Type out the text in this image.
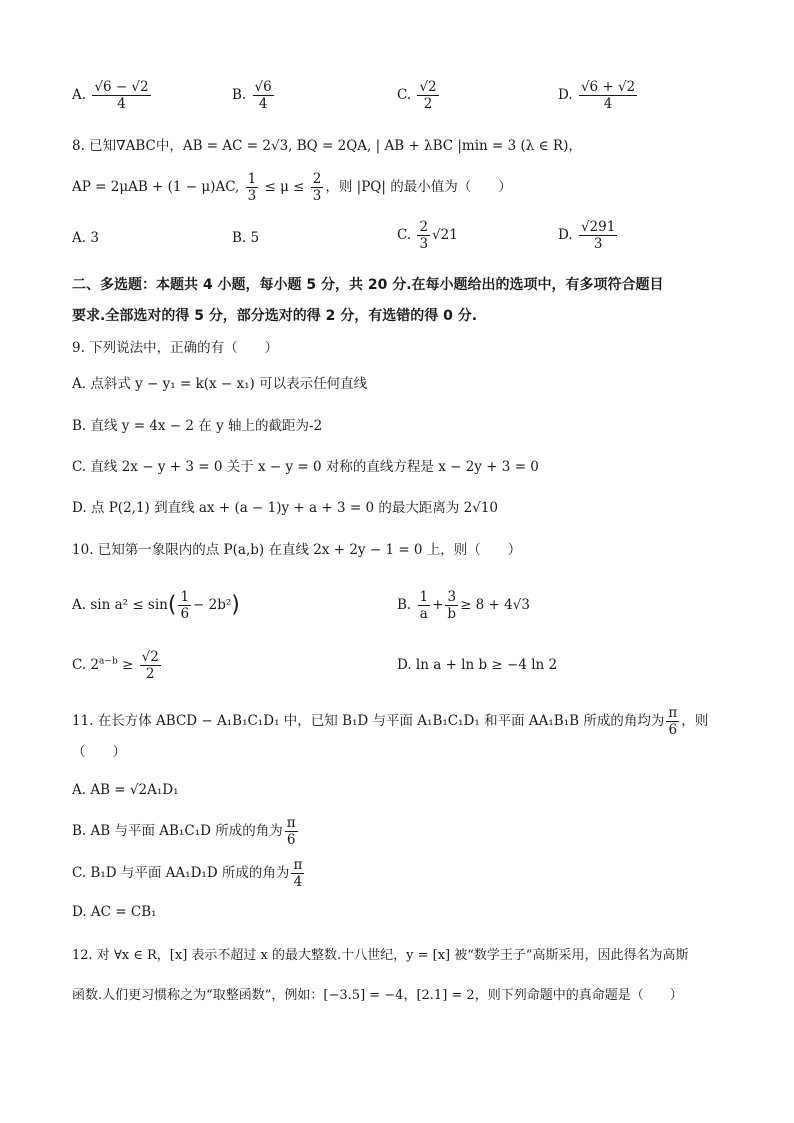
A. $\frac{√6 - √2}{4}$	B. $\frac{√6}{4}$	C. $\frac{√2}{2}$	D. $\frac{√6 + √2}{4}$
8. 已知∇ABC中，AB = AC = 2√3, BQ = 2QA, | AB + λBC |min = 3 (λ ∈ R)，
AP = 2μAB + (1 − μ)AC, $\frac{1}{3} \le \mu \le \frac{2}{3}$ ，则 |PQ| 的最小值为（　　）
A. 3	B. 5	C. $\frac{2}{3} √21$	D. $\frac{√291}{3}$
二、多选题：本题共 4 小题，每小题 5 分，共 20 分.在每小题给出的选项中，有多项符合题目
要求.全部选对的得 5 分，部分选对的得 2 分，有选错的得 0 分.
9. 下列说法中，正确的有（　　）
A. 点斜式 y − y₁ = k(x − x₁) 可以表示任何直线
B. 直线 y = 4x − 2 在 y 轴上的截距为-2
C. 直线 2x − y + 3 = 0 关于 x − y = 0 对称的直线方程是 x − 2y + 3 = 0
D. 点 P(2,1) 到直线 ax + (a − 1)y + a + 3 = 0 的最大距离为 2√10
10. 已知第一象限内的点 P(a,b) 在直线 2x + 2y − 1 = 0 上，则（　　）
A. $\sin a^2 \le \sin( \frac{1}{6} - 2b^2)$	B. $\frac{1}{a} + \frac{3}{b} \ge 8 + 4√3$
C. $2^{a-b} \ge \frac{√2}{2}$	D. ln a + ln b ≥ −4 ln 2
11. 在长方体 ABCD − A₁B₁C₁D₁ 中，已知 B₁D 与平面 A₁B₁C₁D₁ 和平面 AA₁B₁B 所成的角均为 $\frac{\pi}{6}$ ，则
（　　）
A. AB = √2A₁D₁
B. AB 与平面 AB₁C₁D 所成的角为 $\frac{\pi}{6}$
C. B₁D 与平面 AA₁D₁D 所成的角为 $\frac{\pi}{4}$
D. AC = CB₁
12. 对 ∀x ∈ R，[x] 表示不超过 x 的最大整数.十八世纪，y = [x] 被“数学王子”高斯采用，因此得名为高斯
函数.人们更习惯称之为“取整函数”，例如：[−3.5] = −4，[2.1] = 2，则下列命题中的真命题是（　　）
